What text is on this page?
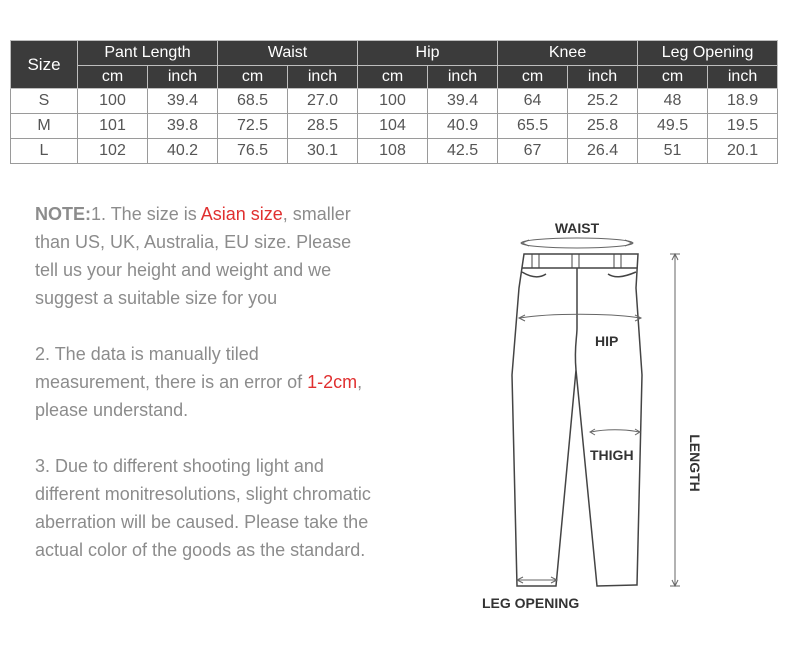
Size	Pant Length		Waist		Hip		Knee		Leg Opening	
	cm	inch	cm	inch	cm	inch	cm	inch	cm	inch
S	100	39.4	68.5	27.0	100	39.4	64	25.2	48	18.9
M	101	39.8	72.5	28.5	104	40.9	65.5	25.8	49.5	19.5
L	102	40.2	76.5	30.1	108	42.5	67	26.4	51	20.1

NOTE:1. The size is Asian size, smaller than US, UK, Australia, EU size. Please tell us your height and weight and we suggest a suitable size for you

2. The data is manually tiled measurement, there is an error of 1-2cm, please understand.

3. Due to different shooting light and different monitresolutions, slight chromatic aberration will be caused. Please take the actual color of the goods as the standard.

WAIST
HIP
THIGH
LEG OPENING
LENGTH
